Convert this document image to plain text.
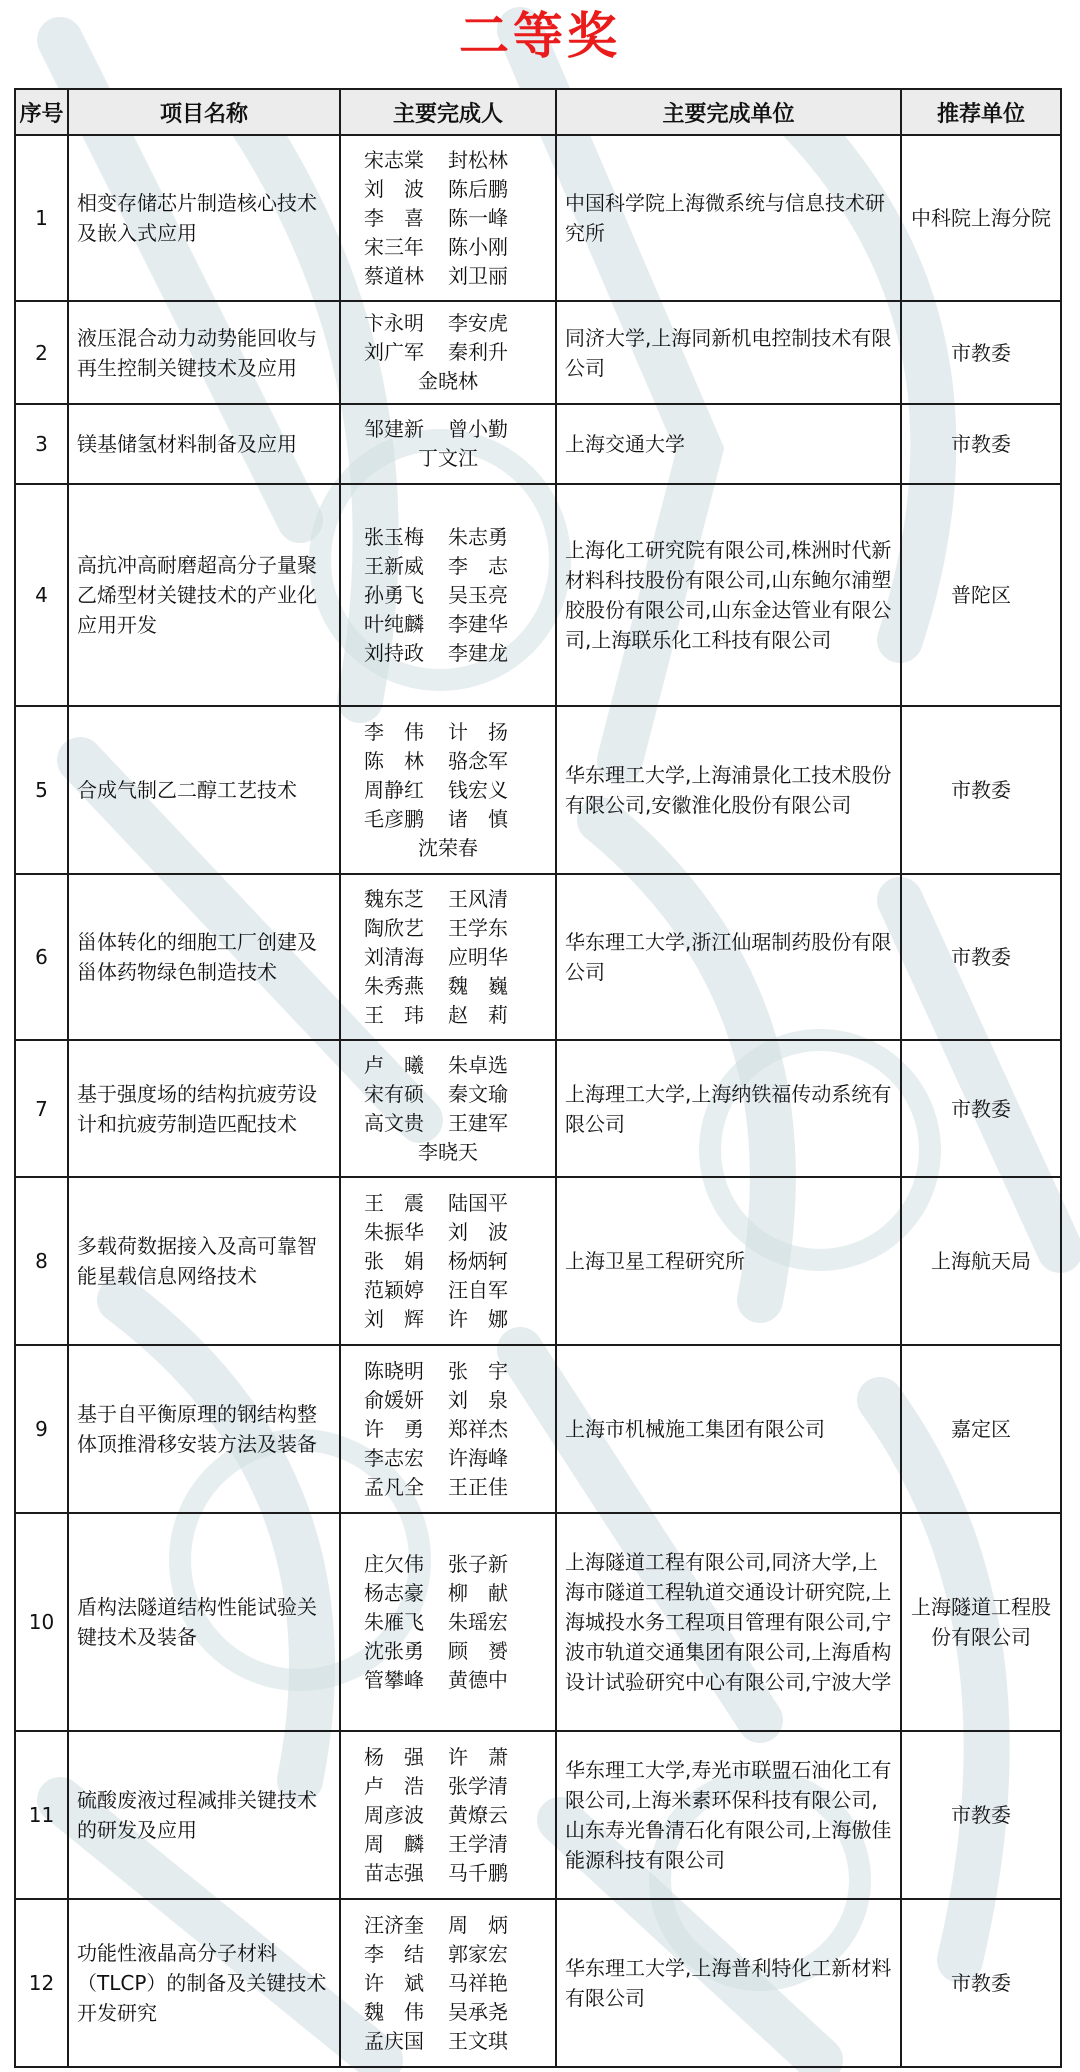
二等奖
序号	项目名称	主要完成人	主要完成单位	推荐单位
1	相变存储芯片制造核心技术及嵌入式应用	宋志棠 封松林
刘　波 陈后鹏
李　喜 陈一峰
宋三年 陈小刚
蔡道林 刘卫丽	中国科学院上海微系统与信息技术研究所	中科院上海分院
2	液压混合动力动势能回收与再生控制关键技术及应用	卞永明 李安虎
刘广军 秦利升
金晓林	同济大学,上海同新机电控制技术有限公司	市教委
3	镁基储氢材料制备及应用	邹建新 曾小勤
丁文江	上海交通大学	市教委
4	高抗冲高耐磨超高分子量聚乙烯型材关键技术的产业化应用开发	张玉梅 朱志勇
王新威 李　志
孙勇飞 吴玉亮
叶纯麟 李建华
刘持政 李建龙	上海化工研究院有限公司,株洲时代新材料科技股份有限公司,山东鲍尔浦塑胶股份有限公司,山东金达管业有限公司,上海联乐化工科技有限公司	普陀区
5	合成气制乙二醇工艺技术	李　伟 计　扬
陈　林 骆念军
周静红 钱宏义
毛彦鹏 诸　慎
沈荣春	华东理工大学,上海浦景化工技术股份有限公司,安徽淮化股份有限公司	市教委
6	甾体转化的细胞工厂创建及甾体药物绿色制造技术	魏东芝 王风清
陶欣艺 王学东
刘清海 应明华
朱秀燕 魏　巍
王　玮 赵　莉	华东理工大学,浙江仙琚制药股份有限公司	市教委
7	基于强度场的结构抗疲劳设计和抗疲劳制造匹配技术	卢　曦 朱卓选
宋有硕 秦文瑜
高文贵 王建军
李晓天	上海理工大学,上海纳铁福传动系统有限公司	市教委
8	多载荷数据接入及高可靠智能星载信息网络技术	王　震 陆国平
朱振华 刘　波
张　娟 杨炳轲
范颖婷 汪自军
刘　辉 许　娜	上海卫星工程研究所	上海航天局
9	基于自平衡原理的钢结构整体顶推滑移安装方法及装备	陈晓明 张　宇
俞媛妍 刘　泉
许　勇 郑祥杰
李志宏 许海峰
孟凡全 王正佳	上海市机械施工集团有限公司	嘉定区
10	盾构法隧道结构性能试验关键技术及装备	庄欠伟 张子新
杨志豪 柳　献
朱雁飞 朱瑶宏
沈张勇 顾　赟
管攀峰 黄德中	上海隧道工程有限公司,同济大学,上海市隧道工程轨道交通设计研究院,上海城投水务工程项目管理有限公司,宁波市轨道交通集团有限公司,上海盾构设计试验研究中心有限公司,宁波大学	上海隧道工程股份有限公司
11	硫酸废液过程减排关键技术的研发及应用	杨　强 许　萧
卢　浩 张学清
周彦波 黄燎云
周　麟 王学清
苗志强 马千鹏	华东理工大学,寿光市联盟石油化工有限公司,上海米素环保科技有限公司,山东寿光鲁清石化有限公司,上海傲佳能源科技有限公司	市教委
12	功能性液晶高分子材料（TLCP）的制备及关键技术开发研究	汪济奎 周　炳
李　结 郭家宏
许　斌 马祥艳
魏　伟 吴承尧
孟庆国 王文琪	华东理工大学,上海普利特化工新材料有限公司	市教委
